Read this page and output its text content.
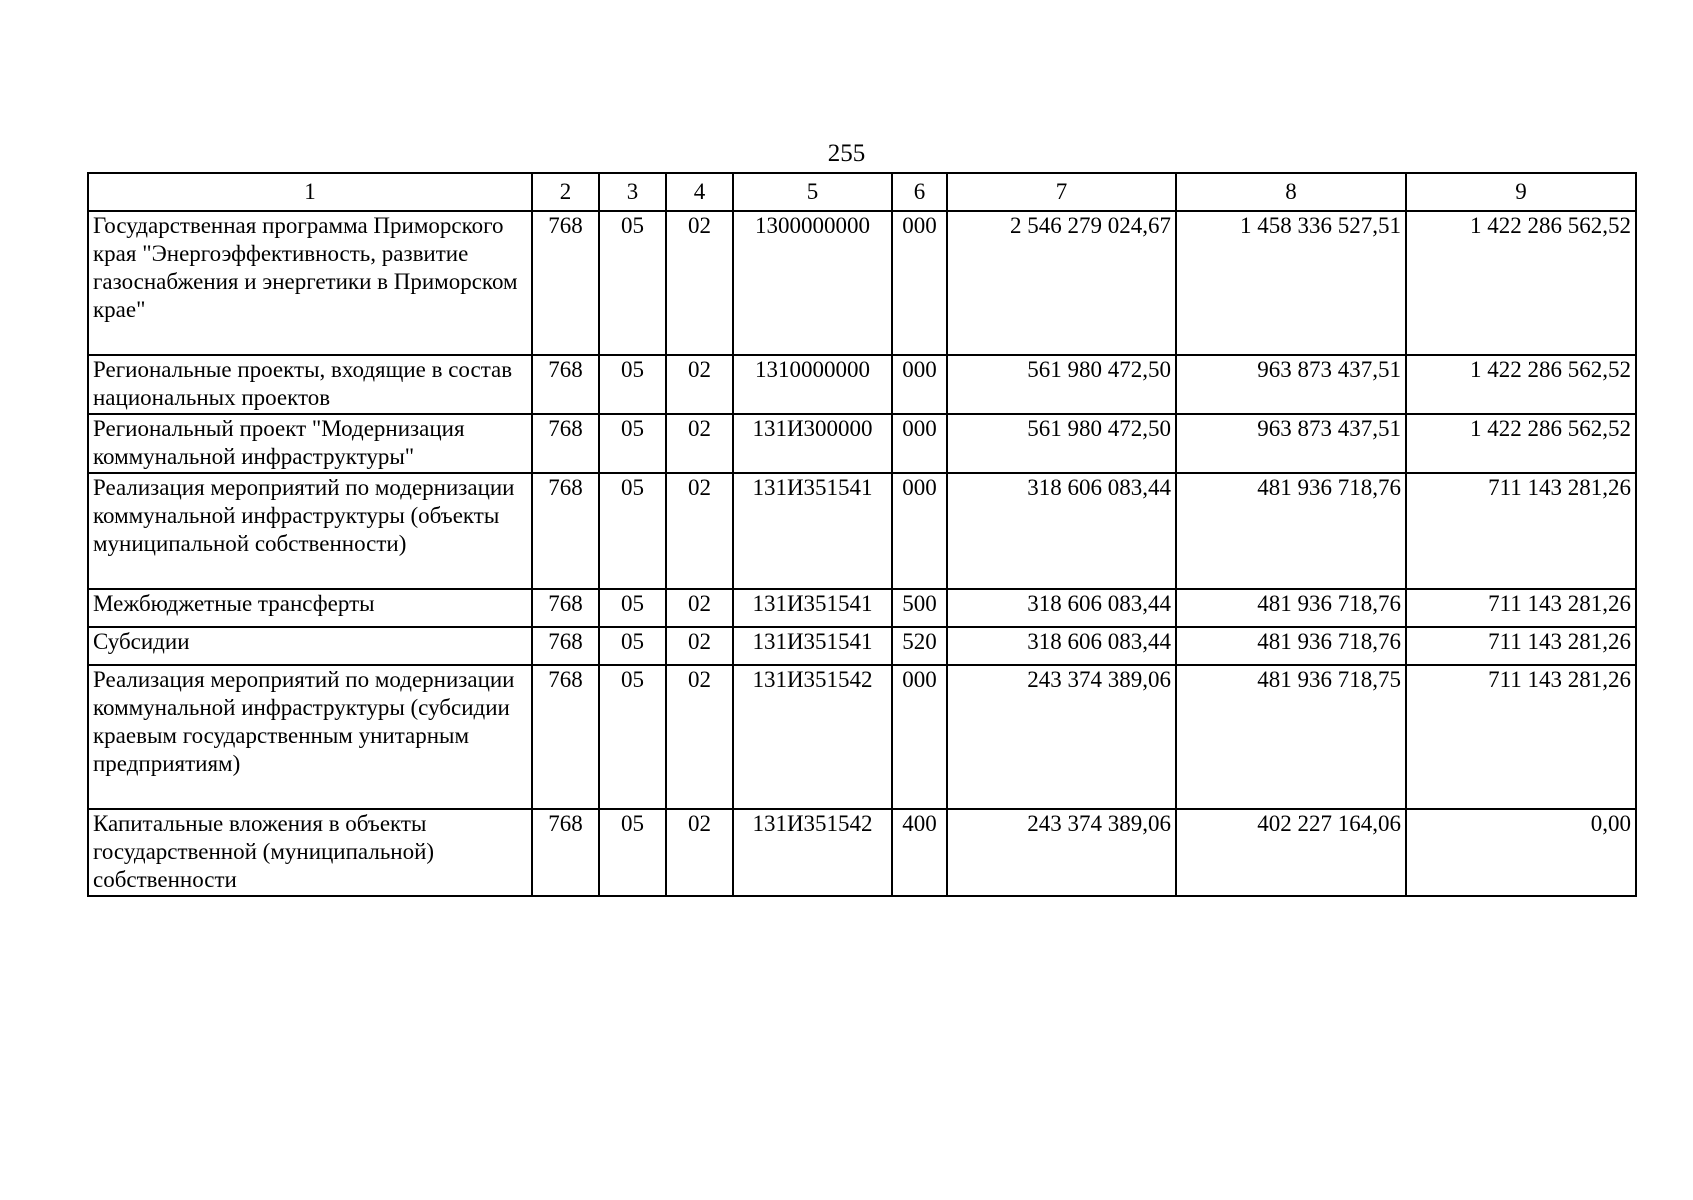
255
1	2	3	4	5	6	7	8	9
Государственная программа Приморского края "Энергоэффективность, развитие газоснабжения и энергетики в Приморском крае"	768	05	02	1300000000	000	2 546 279 024,67	1 458 336 527,51	1 422 286 562,52
Региональные проекты, входящие в состав национальных проектов	768	05	02	1310000000	000	561 980 472,50	963 873 437,51	1 422 286 562,52
Региональный проект "Модернизация коммунальной инфраструктуры"	768	05	02	131И300000	000	561 980 472,50	963 873 437,51	1 422 286 562,52
Реализация мероприятий по модернизации коммунальной инфраструктуры (объекты муниципальной собственности)	768	05	02	131И351541	000	318 606 083,44	481 936 718,76	711 143 281,26
Межбюджетные трансферты	768	05	02	131И351541	500	318 606 083,44	481 936 718,76	711 143 281,26
Субсидии	768	05	02	131И351541	520	318 606 083,44	481 936 718,76	711 143 281,26
Реализация мероприятий по модернизации коммунальной инфраструктуры (субсидии краевым государственным унитарным предприятиям)	768	05	02	131И351542	000	243 374 389,06	481 936 718,75	711 143 281,26
Капитальные вложения в объекты государственной (муниципальной) собственности	768	05	02	131И351542	400	243 374 389,06	402 227 164,06	0,00
